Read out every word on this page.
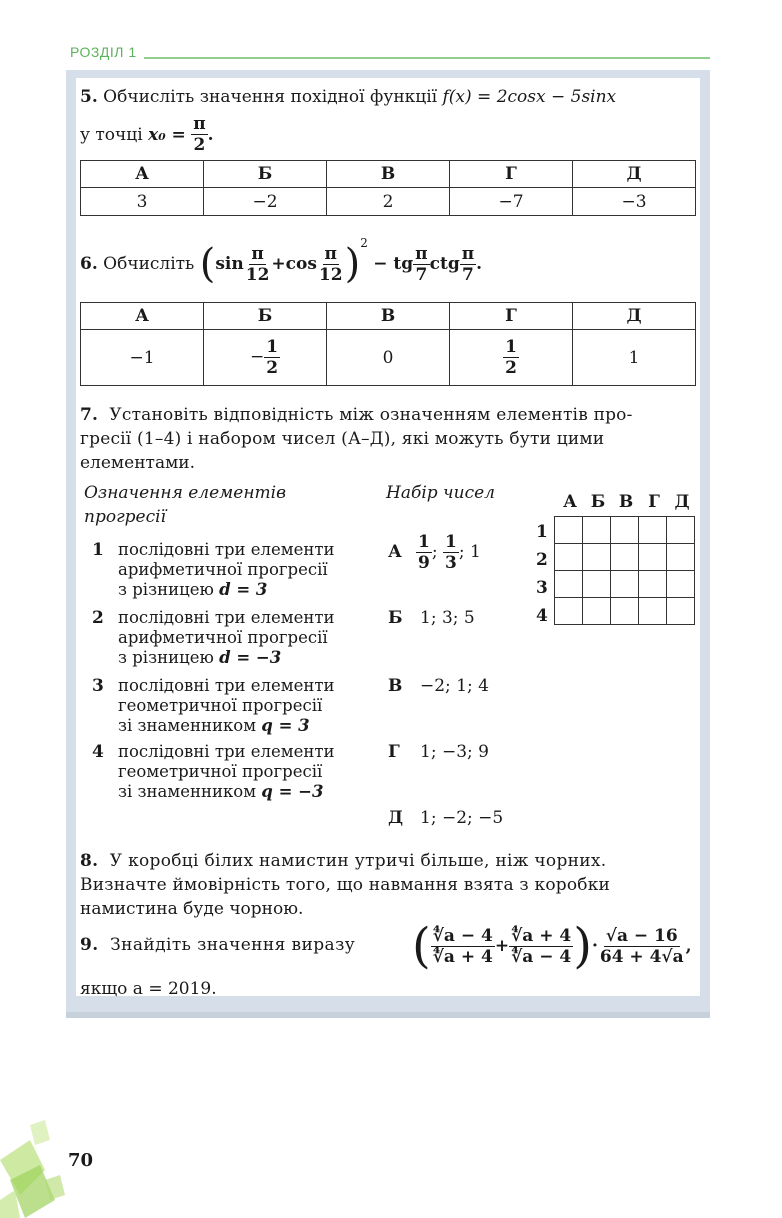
РОЗДІЛ 1
5. Обчисліть значення похідної функції f(x) = 2cosx − 5sinx
у точці
x₀ =
$\frac{\pi}{2}$ .
А	Б	В	Г	Д
3	−2	2	−7	−3
6.
Обчисліть
( $\sin \frac{\pi}{12} + \cos \frac{\pi}{12} )^2$

− tg $\frac{\pi}{7}$ ctg $\frac{\pi}{7}$ .
А	Б	В	Г	Д
−1	− $\frac{1}{2}$	0	$\frac{1}{2}$	1
7. Установіть відповідність між означенням елементів про-
гресії (1–4) і набором чисел (А–Д), які можуть бути цими
елементами.
Означення елементів
прогресії
Набір чисел
1 послідовні три елементи
арифметичної прогресії
з різницею d = 3
2 послідовні три елементи
арифметичної прогресії
з різницею d = −3
3 послідовні три елементи
геометричної прогресії
зі знаменником q = 3
4 послідовні три елементи
геометричної прогресії
зі знаменником q = −3
А $\frac{1}{9}$ ;
$\frac{1}{3}$ ; 1
Б 1; 3; 5
В −2; 1; 4
Г 1; −3; 9
Д 1; −2; −5
А Б В Г Д
1
2
3
4

8. У коробці білих намистин утричі більше, ніж чорних.
Визначте ймовірність того, що навмання взята з коробки
намистина буде чорною.
9. Знайдіть значення виразу ( $\frac{∜a - 4}{∜a + 4} + \frac{∜a + 4}{∜a - 4}$ ) · $\frac{√a - 16}{64 + 4√a}$ ,
якщо a = 2019.
70
